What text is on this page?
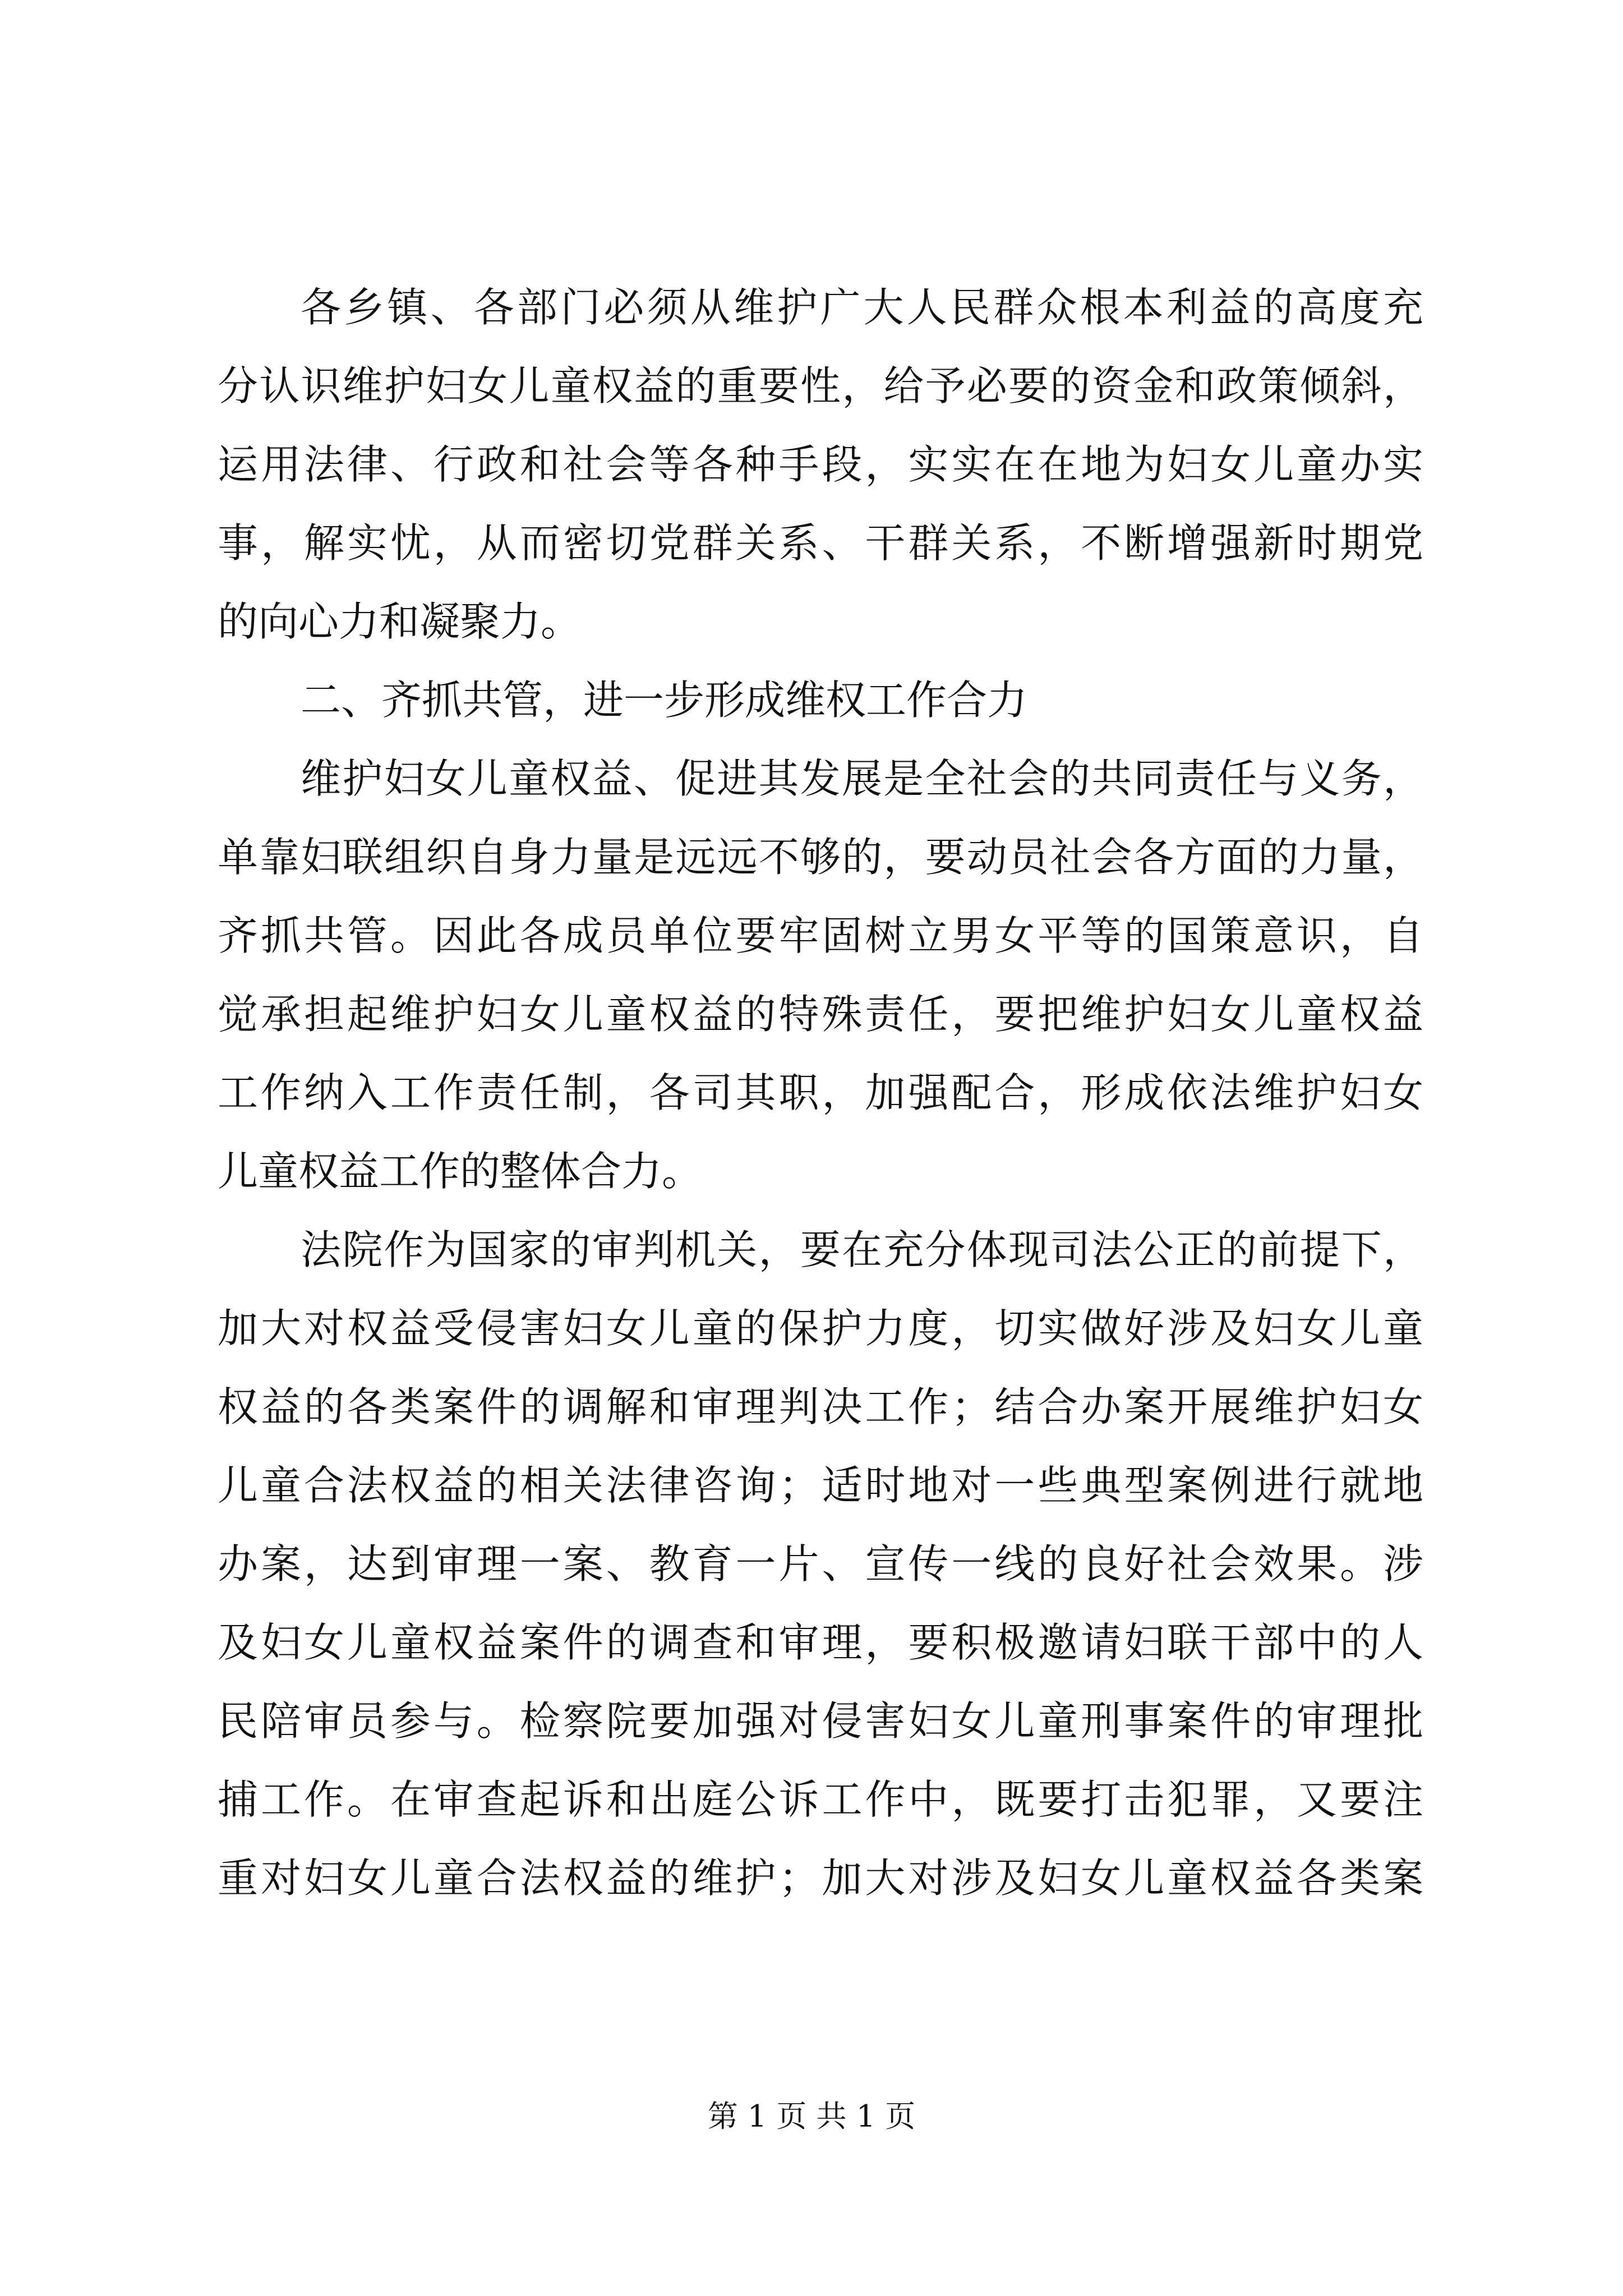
各乡镇、各部门必须从维护广大人民群众根本利益的高度充
分认识维护妇女儿童权益的重要性，给予必要的资金和政策倾斜，
运用法律、行政和社会等各种手段，实实在在地为妇女儿童办实
事，解实忧，从而密切党群关系、干群关系，不断增强新时期党
的向心力和凝聚力。
二、齐抓共管，进一步形成维权工作合力
维护妇女儿童权益、促进其发展是全社会的共同责任与义务，
单靠妇联组织自身力量是远远不够的，要动员社会各方面的力量，
齐抓共管。因此各成员单位要牢固树立男女平等的国策意识，自
觉承担起维护妇女儿童权益的特殊责任，要把维护妇女儿童权益
工作纳入工作责任制，各司其职，加强配合，形成依法维护妇女
儿童权益工作的整体合力。
法院作为国家的审判机关，要在充分体现司法公正的前提下，
加大对权益受侵害妇女儿童的保护力度，切实做好涉及妇女儿童
权益的各类案件的调解和审理判决工作；结合办案开展维护妇女
儿童合法权益的相关法律咨询；适时地对一些典型案例进行就地
办案，达到审理一案、教育一片、宣传一线的良好社会效果。涉
及妇女儿童权益案件的调查和审理，要积极邀请妇联干部中的人
民陪审员参与。检察院要加强对侵害妇女儿童刑事案件的审理批
捕工作。在审查起诉和出庭公诉工作中，既要打击犯罪，又要注
重对妇女儿童合法权益的维护；加大对涉及妇女儿童权益各类案
第 1 页 共 1 页
